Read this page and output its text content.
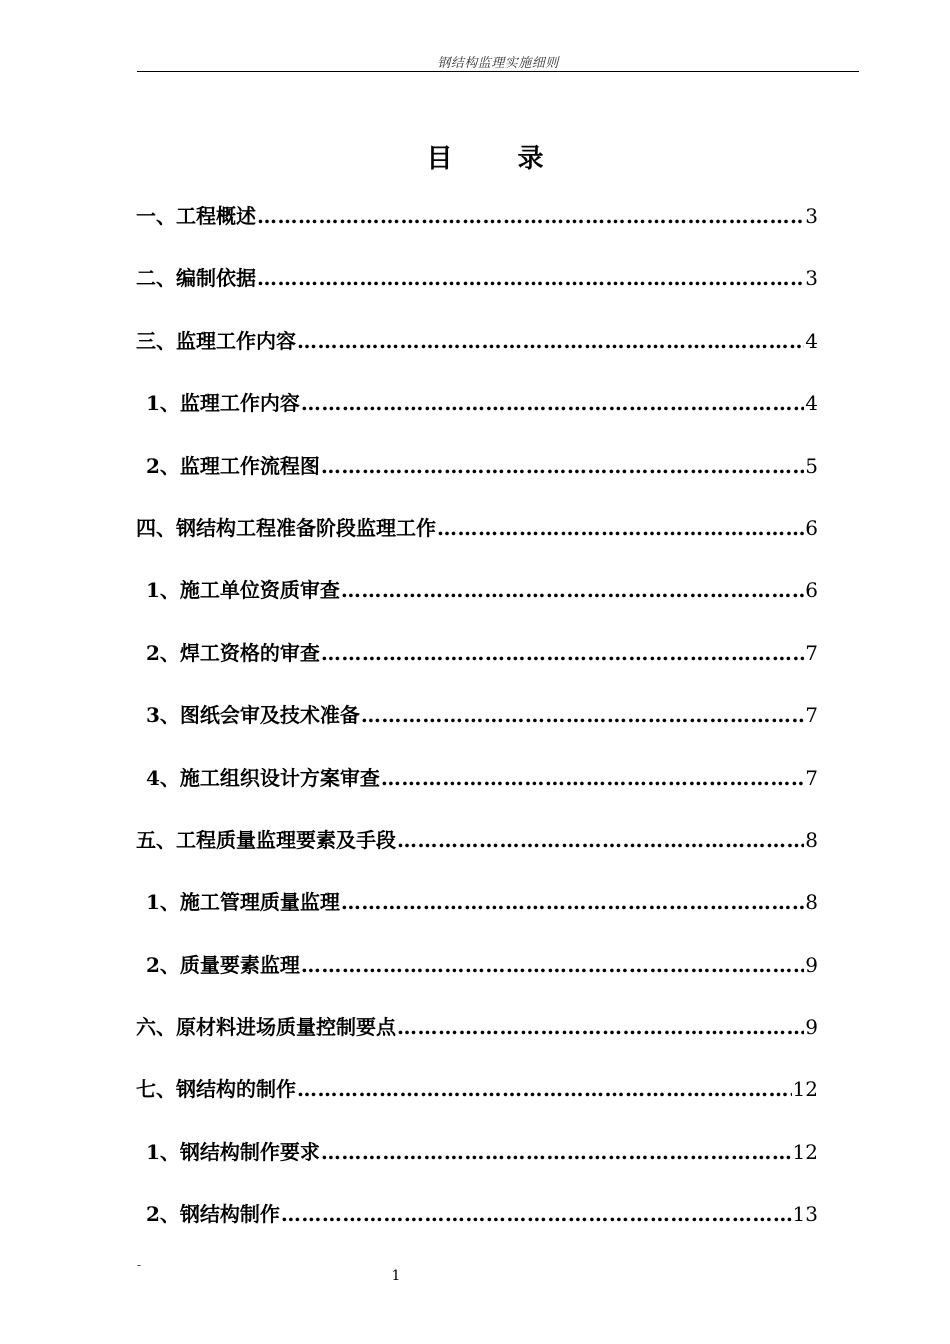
钢结构监理实施细则
目 录
一、工程概述 ……………………………………………………………………………………………………………………………………………………………………………………………………	3
二、编制依据 ……………………………………………………………………………………………………………………………………………………………………………………………………	3
三、监理工作内容 ……………………………………………………………………………………………………………………………………………………………………………………………………	4
1、监理工作内容 ……………………………………………………………………………………………………………………………………………………………………………………………………	4
2、监理工作流程图 ……………………………………………………………………………………………………………………………………………………………………………………………………	5
四、钢结构工程准备阶段监理工作 ……………………………………………………………………………………………………………………………………………………………………………………………………	6
1、施工单位资质审查 ……………………………………………………………………………………………………………………………………………………………………………………………………	6
2、焊工资格的审查 ……………………………………………………………………………………………………………………………………………………………………………………………………	7
3、图纸会审及技术准备 ……………………………………………………………………………………………………………………………………………………………………………………………………	7
4、施工组织设计方案审查 ……………………………………………………………………………………………………………………………………………………………………………………………………	7
五、工程质量监理要素及手段 ……………………………………………………………………………………………………………………………………………………………………………………………………	8
1、施工管理质量监理 ……………………………………………………………………………………………………………………………………………………………………………………………………	8
2、质量要素监理 ……………………………………………………………………………………………………………………………………………………………………………………………………	9
六、原材料进场质量控制要点 ……………………………………………………………………………………………………………………………………………………………………………………………………	9
七、钢结构的制作 ……………………………………………………………………………………………………………………………………………………………………………………………………	12
1、钢结构制作要求 ……………………………………………………………………………………………………………………………………………………………………………………………………	12
2、钢结构制作 ……………………………………………………………………………………………………………………………………………………………………………………………………	13
-
1
